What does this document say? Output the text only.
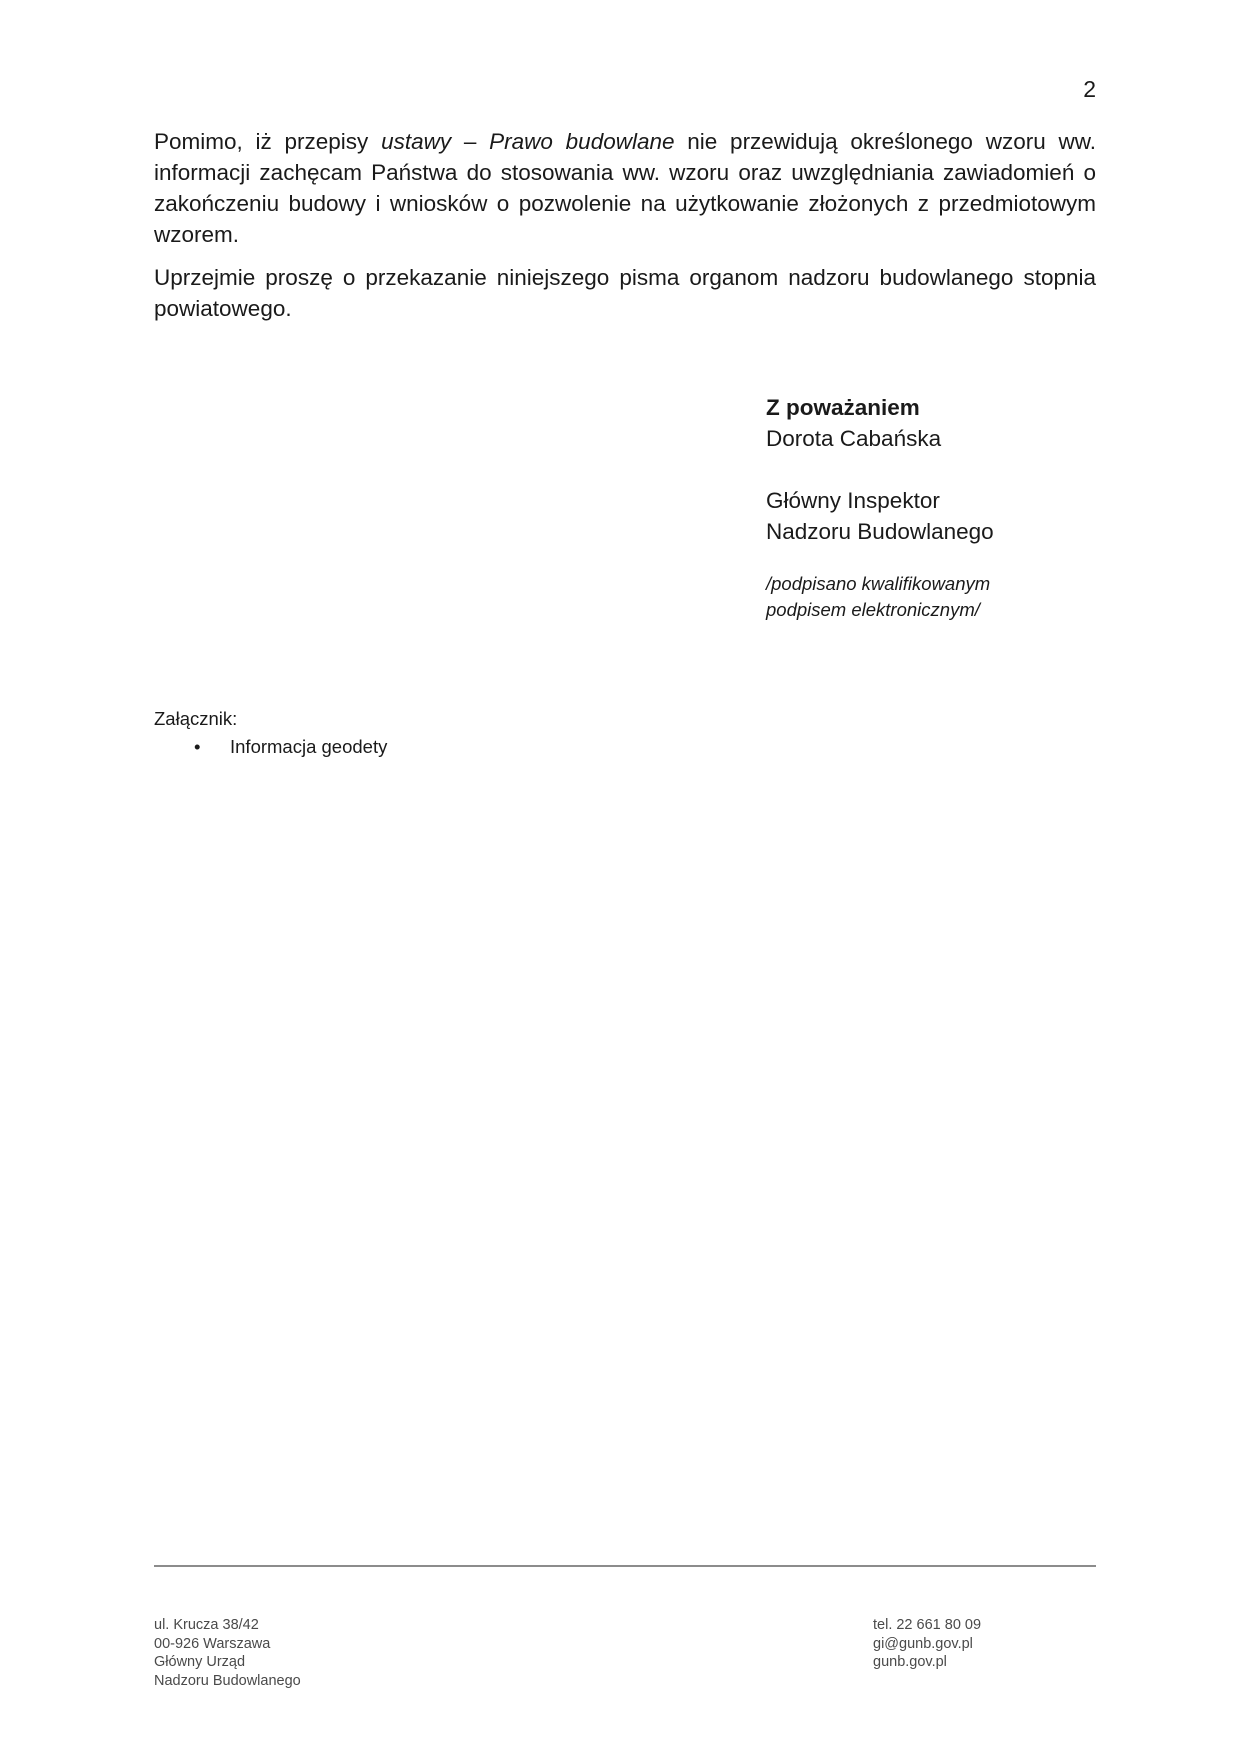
2

Pomimo, iż przepisy ustawy – Prawo budowlane nie przewidują określonego wzoru ww. informacji zachęcam Państwa do stosowania ww. wzoru oraz uwzględniania zawiadomień o zakończeniu budowy i wniosków o pozwolenie na użytkowanie złożonych z przedmiotowym wzorem.

Uprzejmie proszę o przekazanie niniejszego pisma organom nadzoru budowlanego stopnia powiatowego.

Z poważaniem

Dorota Cabańska

Główny Inspektor

Nadzoru Budowlanego

/podpisano kwalifikowanym

podpisem elektronicznym/

Załącznik:

• Informacja geodety

ul. Krucza 38/42

00-926 Warszawa

Główny Urząd

Nadzoru Budowlanego

tel. 22 661 80 09

gi@gunb.gov.pl

gunb.gov.pl
